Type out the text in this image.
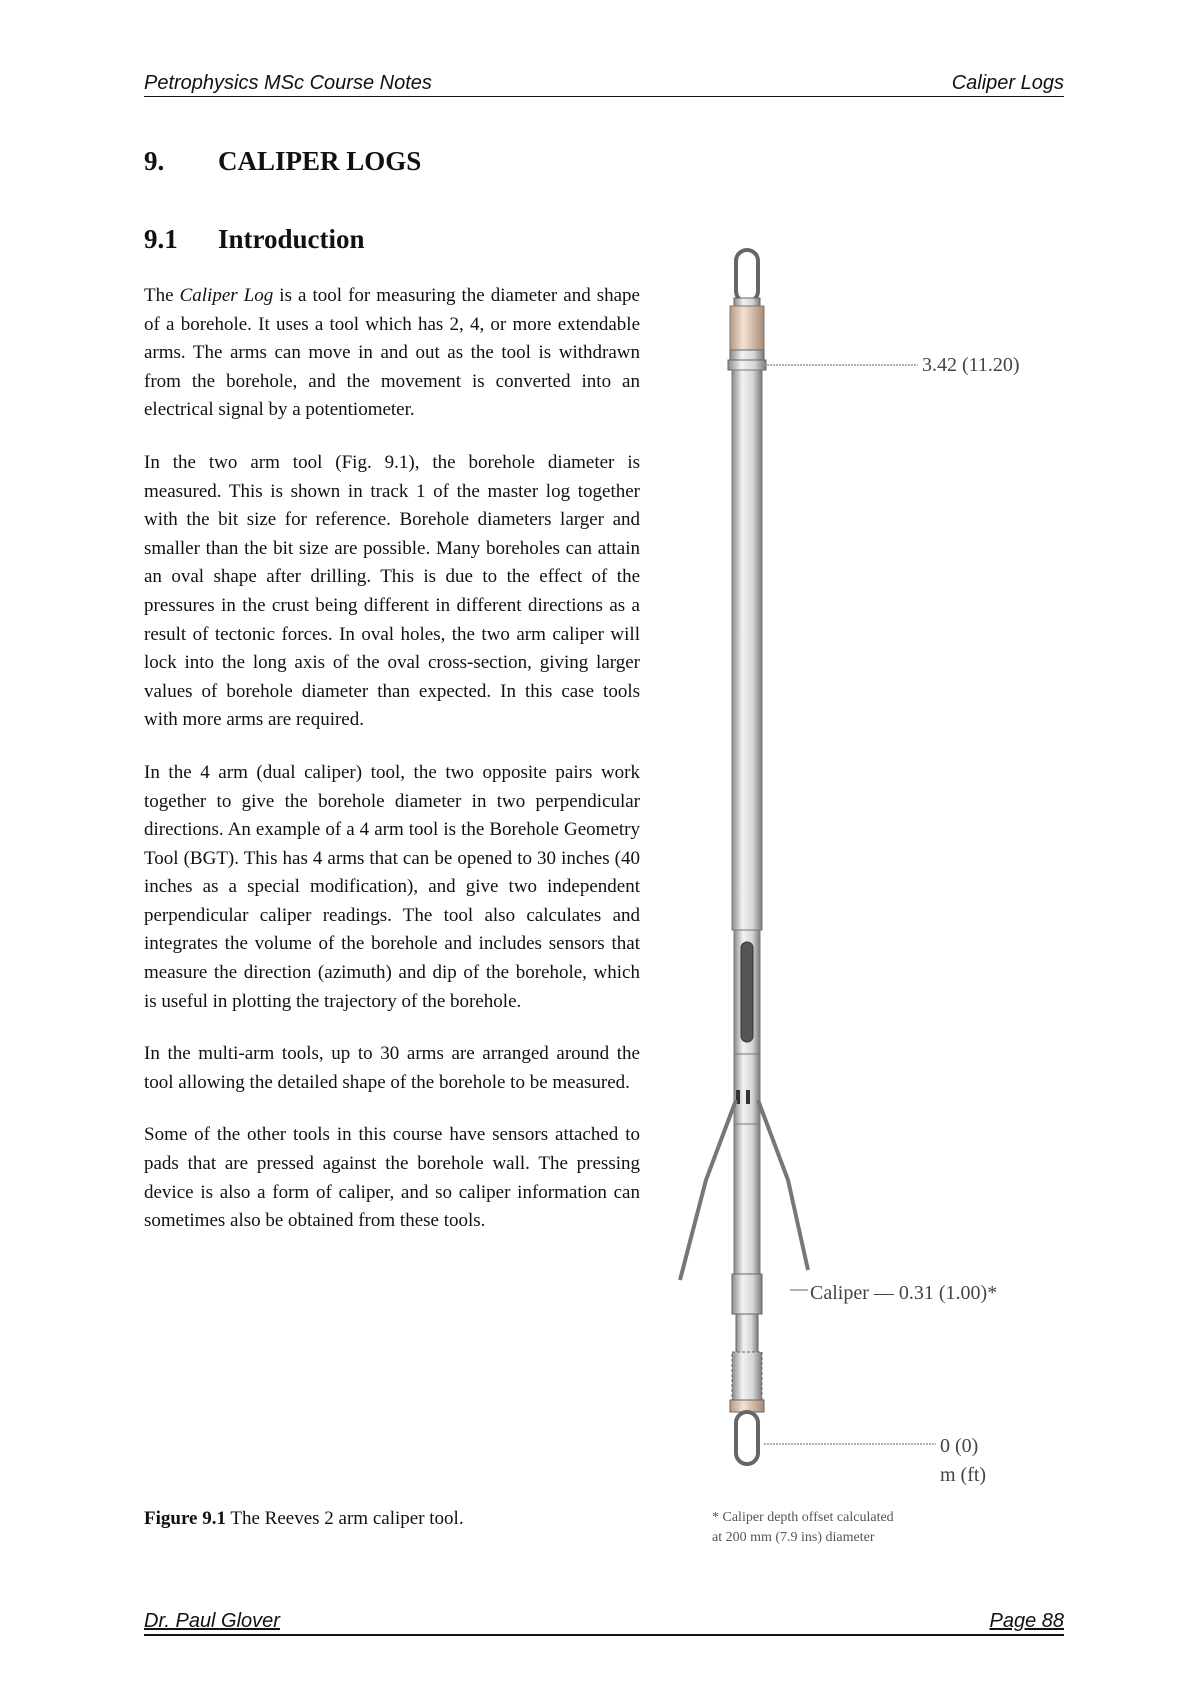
Petrophysics MSc Course Notes	Caliper Logs
9. CALIPER LOGS
9.1 Introduction

The Caliper Log is a tool for measuring the diameter and shape of a borehole. It uses a tool which has 2, 4, or more extendable arms. The arms can move in and out as the tool is withdrawn from the borehole, and the movement is converted into an electrical signal by a potentiometer.

In the two arm tool (Fig. 9.1), the borehole diameter is measured. This is shown in track 1 of the master log together with the bit size for reference. Borehole diameters larger and smaller than the bit size are possible. Many boreholes can attain an oval shape after drilling. This is due to the effect of the pressures in the crust being different in different directions as a result of tectonic forces. In oval holes, the two arm caliper will lock into the long axis of the oval cross-section, giving larger values of borehole diameter than expected. In this case tools with more arms are required.

In the 4 arm (dual caliper) tool, the two opposite pairs work together to give the borehole diameter in two perpendicular directions. An example of a 4 arm tool is the Borehole Geometry Tool (BGT). This has 4 arms that can be opened to 30 inches (40 inches as a special modification), and give two independent perpendicular caliper readings. The tool also calculates and integrates the volume of the borehole and includes sensors that measure the direction (azimuth) and dip of the borehole, which is useful in plotting the trajectory of the borehole.

In the multi-arm tools, up to 30 arms are arranged around the tool allowing the detailed shape of the borehole to be measured.

Some of the other tools in this course have sensors attached to pads that are pressed against the borehole wall. The pressing device is also a form of caliper, and so caliper information can sometimes also be obtained from these tools.

Figure 9.1 The Reeves 2 arm caliper tool.
3.42 (11.20)
Caliper — 0.31 (1.00)*
0 (0)
m (ft)
* Caliper depth offset calculated
at 200 mm (7.9 ins) diameter
Dr. Paul Glover	Page 88
